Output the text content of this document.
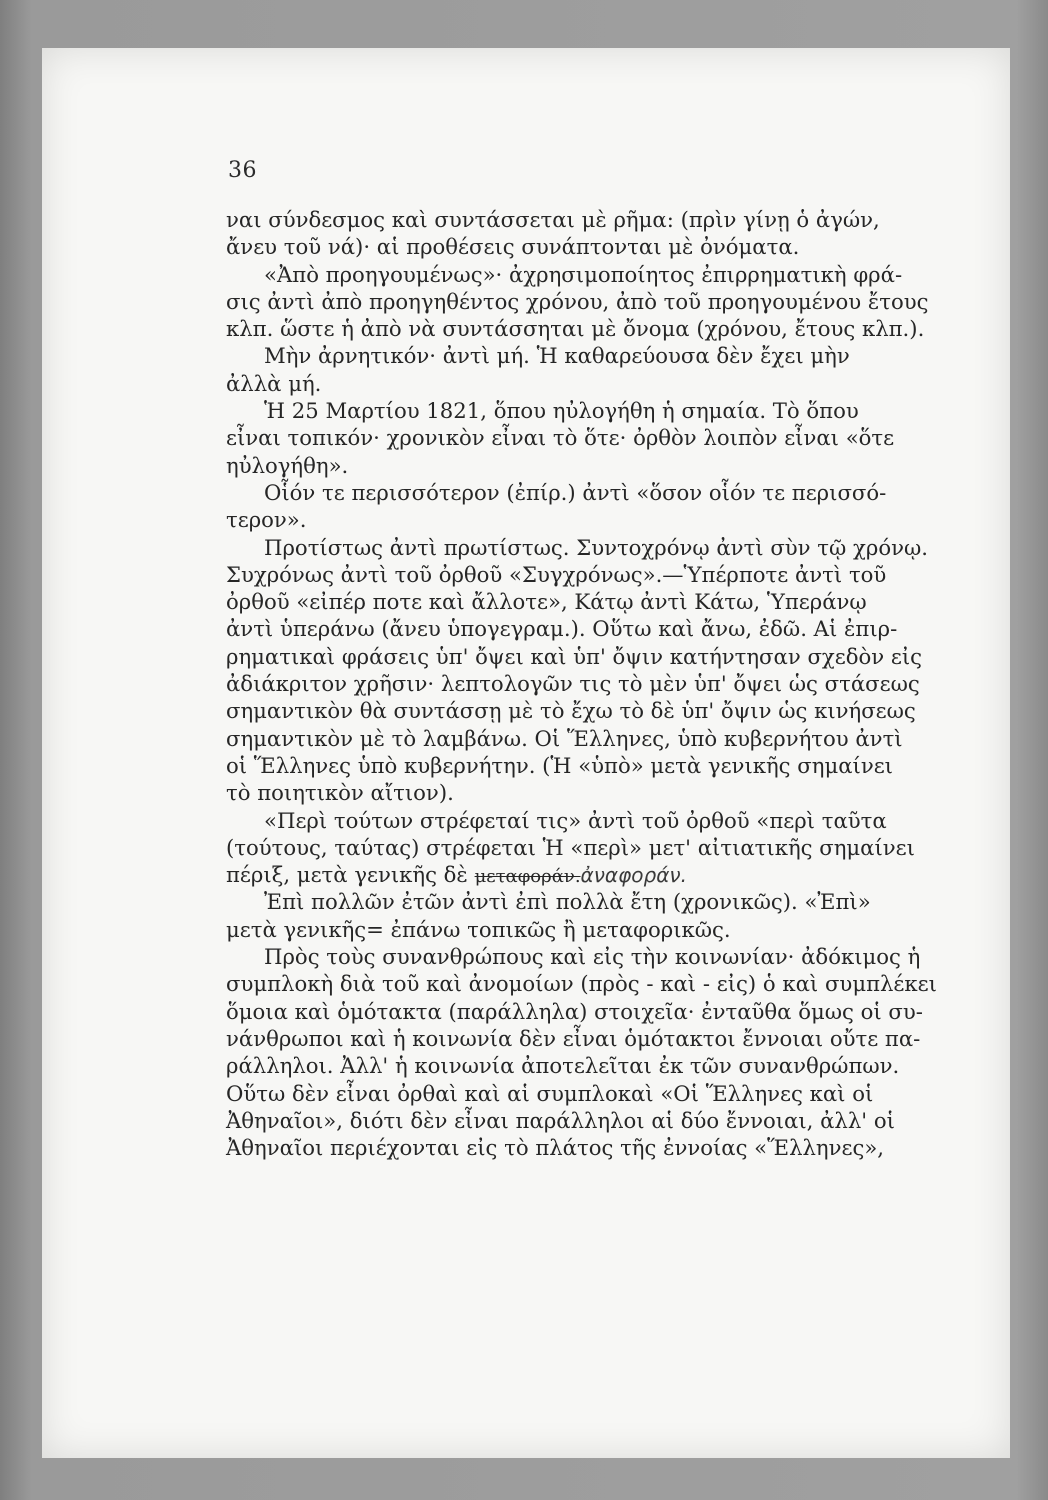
36
ναι σύνδεσμος καὶ συντάσσεται μὲ ρῆμα: (πρὶν γίνῃ ὁ ἀγών,
ἄνευ τοῦ νά)· αἱ προθέσεις συνάπτονται μὲ ὀνόματα.
«Ἀπὸ προηγουμένως»· ἀχρησιμοποίητος ἐπιρρηματικὴ φρά-
σις ἀντὶ ἀπὸ προηγηθέντος χρόνου, ἀπὸ τοῦ προηγουμένου ἔτους
κλπ. ὥστε ἡ ἀπὸ νὰ συντάσσηται μὲ ὄνομα (χρόνου, ἔτους κλπ.).
Μὴν ἀρνητικόν· ἀντὶ μή. Ἡ καθαρεύουσα δὲν ἔχει μὴν
ἀλλὰ μή.
Ἡ 25 Μαρτίου 1821, ὅπου ηὐλογήθη ἡ σημαία. Τὸ ὅπου
εἶναι τοπικόν· χρονικὸν εἶναι τὸ ὅτε· ὀρθὸν λοιπὸν εἶναι «ὅτε
ηὐλογήθη».
Οἷόν τε περισσότερον (ἐπίρ.) ἀντὶ «ὅσον οἷόν τε περισσό-
τερον».
Προτίστως ἀντὶ πρωτίστως. Συντοχρόνῳ ἀντὶ σὺν τῷ χρόνῳ.
Συχρόνως ἀντὶ τοῦ ὀρθοῦ «Συγχρόνως».—Ὑπέρποτε ἀντὶ τοῦ
ὀρθοῦ «εἰπέρ ποτε καὶ ἄλλοτε», Κάτῳ ἀντὶ Κάτω, Ὑπεράνῳ
ἀντὶ ὑπεράνω (ἄνευ ὑπογεγραμ.). Οὕτω καὶ ἄνω, ἐδῶ. Αἱ ἐπιρ-
ρηματικαὶ φράσεις ὑπ' ὄψει καὶ ὑπ' ὄψιν κατήντησαν σχεδὸν εἰς
ἀδιάκριτον χρῆσιν· λεπτολογῶν τις τὸ μὲν ὑπ' ὄψει ὡς στάσεως
σημαντικὸν θὰ συντάσσῃ μὲ τὸ ἔχω τὸ δὲ ὑπ' ὄψιν ὡς κινήσεως
σημαντικὸν μὲ τὸ λαμβάνω. Οἱ Ἕλληνες, ὑπὸ κυβερνήτου ἀντὶ
οἱ Ἕλληνες ὑπὸ κυβερνήτην. (Ἡ «ὑπὸ» μετὰ γενικῆς σημαίνει
τὸ ποιητικὸν αἴτιον).
«Περὶ τούτων στρέφεταί τις» ἀντὶ τοῦ ὀρθοῦ «περὶ ταῦτα
(τούτους, ταύτας) στρέφεται Ἡ «περὶ» μετ' αἰτιατικῆς σημαίνει
πέριξ, μετὰ γενικῆς δὲ μεταφοράν.ἀναφοράν.
Ἐπὶ πολλῶν ἐτῶν ἀντὶ ἐπὶ πολλὰ ἔτη (χρονικῶς). «Ἐπὶ»
μετὰ γενικῆς= ἐπάνω τοπικῶς ἢ μεταφορικῶς.
Πρὸς τοὺς συνανθρώπους καὶ εἰς τὴν κοινωνίαν· ἀδόκιμος ἡ
συμπλοκὴ διὰ τοῦ καὶ ἀνομοίων (πρὸς - καὶ - εἰς) ὁ καὶ συμπλέκει
ὅμοια καὶ ὁμότακτα (παράλληλα) στοιχεῖα· ἐνταῦθα ὅμως οἱ συ-
νάνθρωποι καὶ ἡ κοινωνία δὲν εἶναι ὁμότακτοι ἔννοιαι οὔτε πα-
ράλληλοι. Ἀλλ' ἡ κοινωνία ἀποτελεῖται ἐκ τῶν συνανθρώπων.
Οὕτω δὲν εἶναι ὀρθαὶ καὶ αἱ συμπλοκαὶ «Οἱ Ἕλληνες καὶ οἱ
Ἀθηναῖοι», διότι δὲν εἶναι παράλληλοι αἱ δύο ἔννοιαι, ἀλλ' οἱ
Ἀθηναῖοι περιέχονται εἰς τὸ πλάτος τῆς ἐννοίας «Ἕλληνες»,
